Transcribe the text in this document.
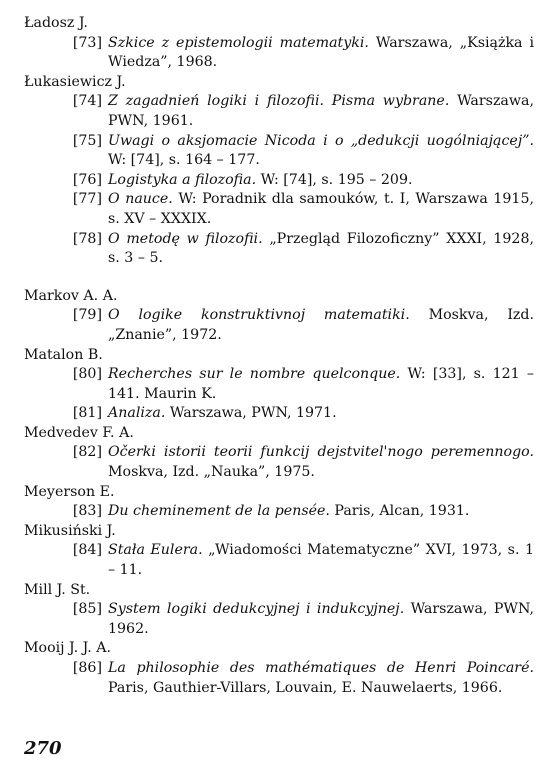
Ładosz J.
[73] Szkice z epistemologii matematyki. Warszawa, „Książka i Wiedza”, 1968.
Łukasiewicz J.
[74] Z zagadnień logiki i filozofii. Pisma wybrane. Warszawa, PWN, 1961.
[75] Uwagi o aksjomacie Nicoda i o „dedukcji uogólniającej”. W: [74], s. 164 – 177.
[76] Logistyka a filozofia. W: [74], s. 195 – 209.
[77] O nauce. W: Poradnik dla samouków, t. I, Warszawa 1915, s. XV – XXXIX.
[78] O metodę w filozofii. „Przegląd Filozoficzny” XXXI, 1928, s. 3 – 5.
Markov A. A.
[79] O logike konstruktivnoj matematiki. Moskva, Izd. „Znanie”, 1972.
Matalon B.
[80] Recherches sur le nombre quelconque. W: [33], s. 121 – 141. Maurin K.
[81] Analiza. Warszawa, PWN, 1971.
Medvedev F. A.
[82] Očerki istorii teorii funkcij dejstvitel'nogo peremennogo. Moskva, Izd. „Nauka”, 1975.
Meyerson E.
[83] Du cheminement de la pensée. Paris, Alcan, 1931.
Mikusiński J.
[84] Stała Eulera. „Wiadomości Matematyczne” XVI, 1973, s. 1 – 11.
Mill J. St.
[85] System logiki dedukcyjnej i indukcyjnej. Warszawa, PWN, 1962.
Mooij J. J. A.
[86] La philosophie des mathématiques de Henri Poincaré. Paris, Gauthier-Villars, Louvain, E. Nauwelaerts, 1966.
270
